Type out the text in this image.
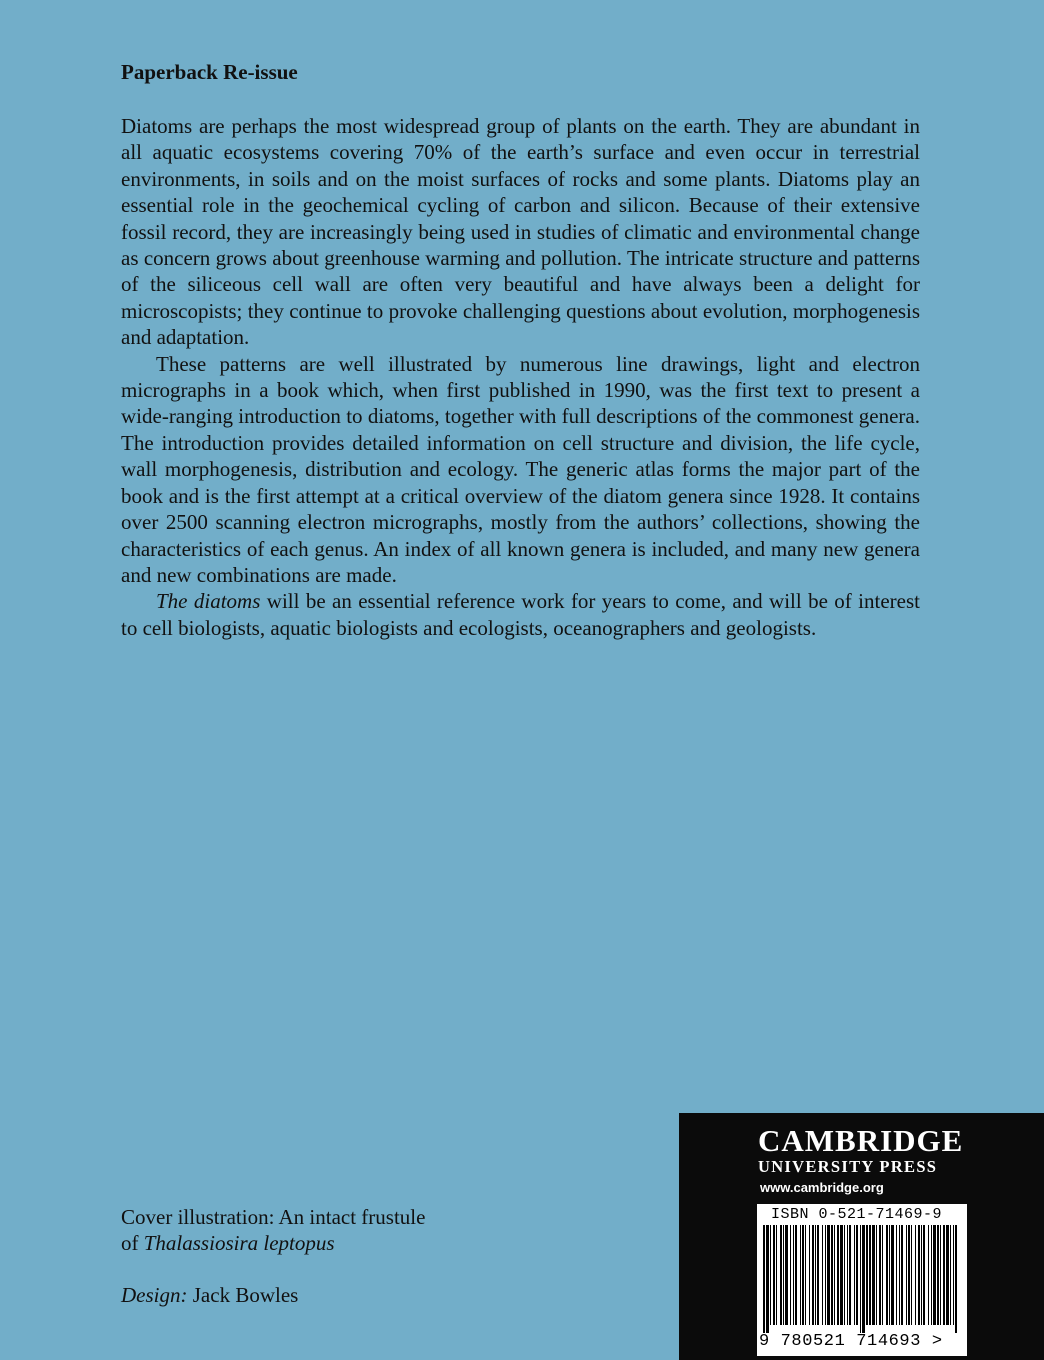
Paperback Re-issue

Diatoms are perhaps the most widespread group of plants on the earth. They are abundant in all aquatic ecosystems covering 70% of the earth’s surface and even occur in terrestrial environments, in soils and on the moist surfaces of rocks and some plants. Diatoms play an essential role in the geochemical cycling of carbon and silicon. Because of their extensive fossil record, they are increasingly being used in studies of climatic and environmental change as concern grows about greenhouse warming and pollution. The intricate structure and patterns of the siliceous cell wall are often very beautiful and have always been a delight for microscopists; they continue to provoke challenging questions about evolution, morphogenesis and adaptation.

These patterns are well illustrated by numerous line drawings, light and electron micrographs in a book which, when first published in 1990, was the first text to present a wide-ranging introduction to diatoms, together with full descriptions of the commonest genera. The introduction provides detailed information on cell structure and division, the life cycle, wall morphogenesis, distribution and ecology. The generic atlas forms the major part of the book and is the first attempt at a critical overview of the diatom genera since 1928. It contains over 2500 scanning electron micrographs, mostly from the authors’ collections, showing the characteristics of each genus. An index of all known genera is included, and many new genera and new combinations are made.

The diatoms will be an essential reference work for years to come, and will be of interest to cell biologists, aquatic biologists and ecologists, oceanographers and geologists.

Cover illustration: An intact frustule
of Thalassiosira leptopus
Design: Jack Bowles
CAMBRIDGE
UNIVERSITY PRESS
www.cambridge.org
ISBN 0-521-71469-9
9 780521 714693 >
